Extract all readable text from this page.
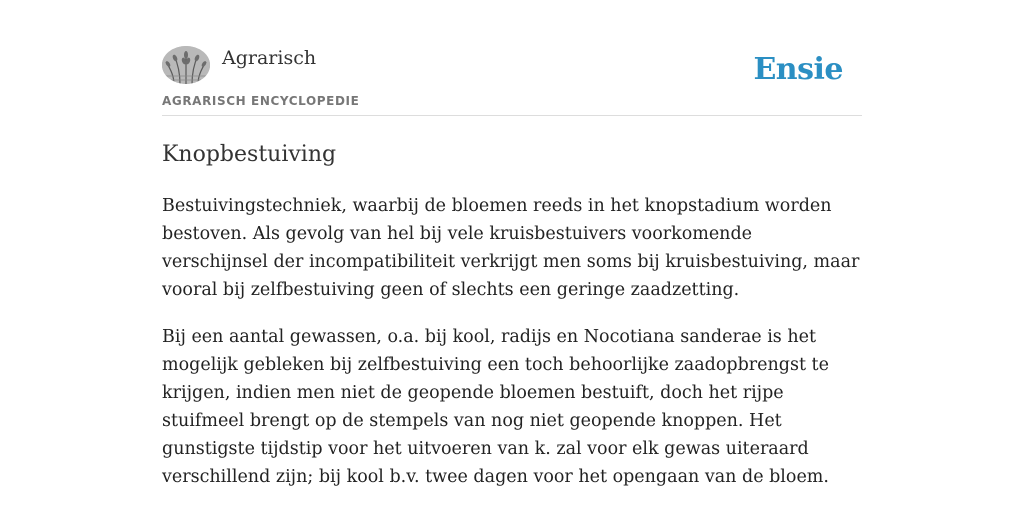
Agrarisch
AGRARISCH ENCYCLOPEDIE
Ensie
Knopbestuiving

Bestuivingstechniek, waarbij de bloemen reeds in het knopstadium worden bestoven. Als gevolg van hel bij vele kruisbestuivers voorkomende verschijnsel der incompatibiliteit verkrijgt men soms bij kruisbestuiving, maar vooral bij zelfbestuiving geen of slechts een geringe zaadzetting.

Bij een aantal gewassen, o.a. bij kool, radijs en Nocotiana sanderae is het mogelijk gebleken bij zelfbestuiving een toch behoorlijke zaadopbrengst te krijgen, indien men niet de geopende bloemen bestuift, doch het rijpe stuifmeel brengt op de stempels van nog niet geopende knoppen. Het gunstigste tijdstip voor het uitvoeren van k. zal voor elk gewas uiteraard verschillend zijn; bij kool b.v. twee dagen voor het opengaan van de bloem.
